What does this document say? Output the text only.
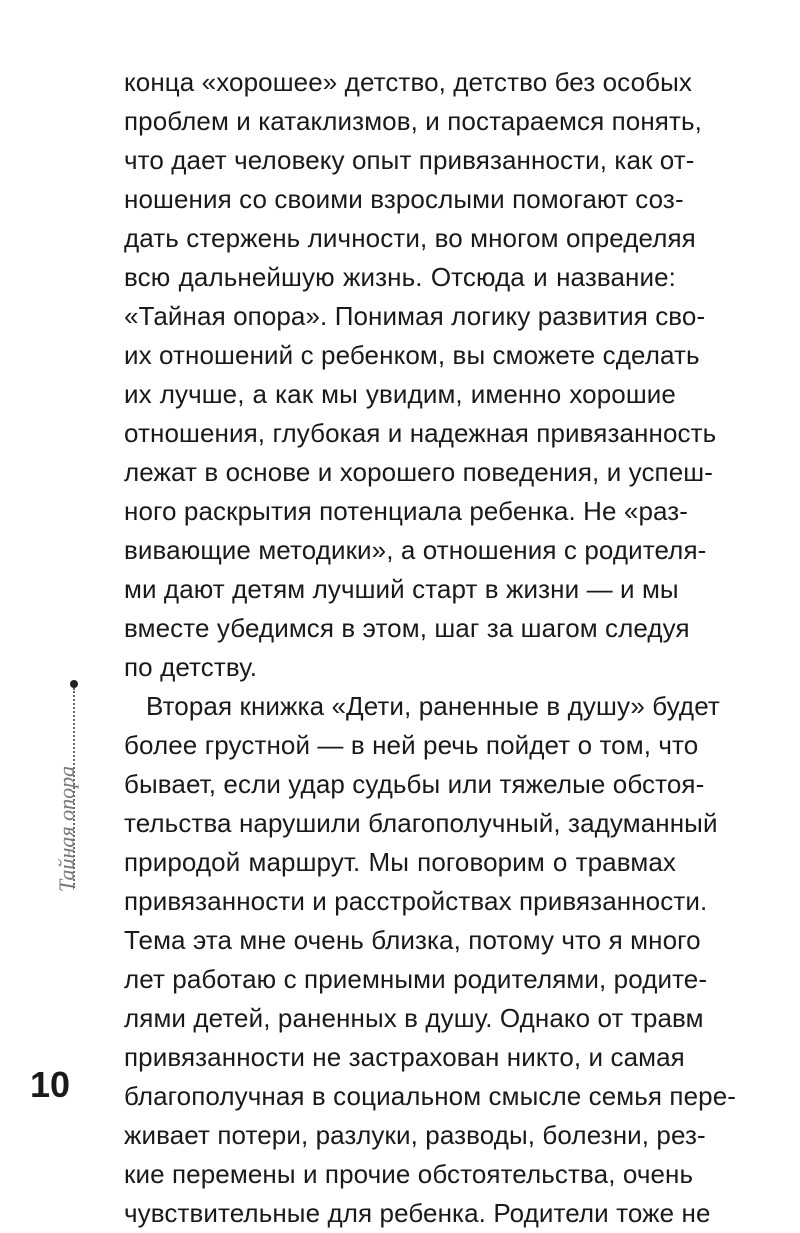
конца «хорошее» детство, детство без особых
проблем и катаклизмов, и постараемся понять,
что дает человеку опыт привязанности, как от-
ношения со своими взрослыми помогают соз-
дать стержень личности, во многом определяя
всю дальнейшую жизнь. Отсюда и название:
«Тайная опора». Понимая логику развития сво-
их отношений с ребенком, вы сможете сделать
их лучше, а как мы увидим, именно хорошие
отношения, глубокая и надежная привязанность
лежат в основе и хорошего поведения, и успеш-
ного раскрытия потенциала ребенка. Не «раз-
вивающие методики», а отношения с родителя-
ми дают детям лучший старт в жизни — и мы
вместе убедимся в этом, шаг за шагом следуя
по детству.
Вторая книжка «Дети, раненные в душу» будет
более грустной — в ней речь пойдет о том, что
бывает, если удар судьбы или тяжелые обстоя-
тельства нарушили благополучный, задуманный
природой маршрут. Мы поговорим о травмах
привязанности и расстройствах привязанности.
Тема эта мне очень близка, потому что я много
лет работаю с приемными родителями, родите-
лями детей, раненных в душу. Однако от травм
привязанности не застрахован никто, и самая
благополучная в социальном смысле семья пере-
живает потери, разлуки, разводы, болезни, рез-
кие перемены и прочие обстоятельства, очень
чувствительные для ребенка. Родители тоже не
Тайная опора
10
